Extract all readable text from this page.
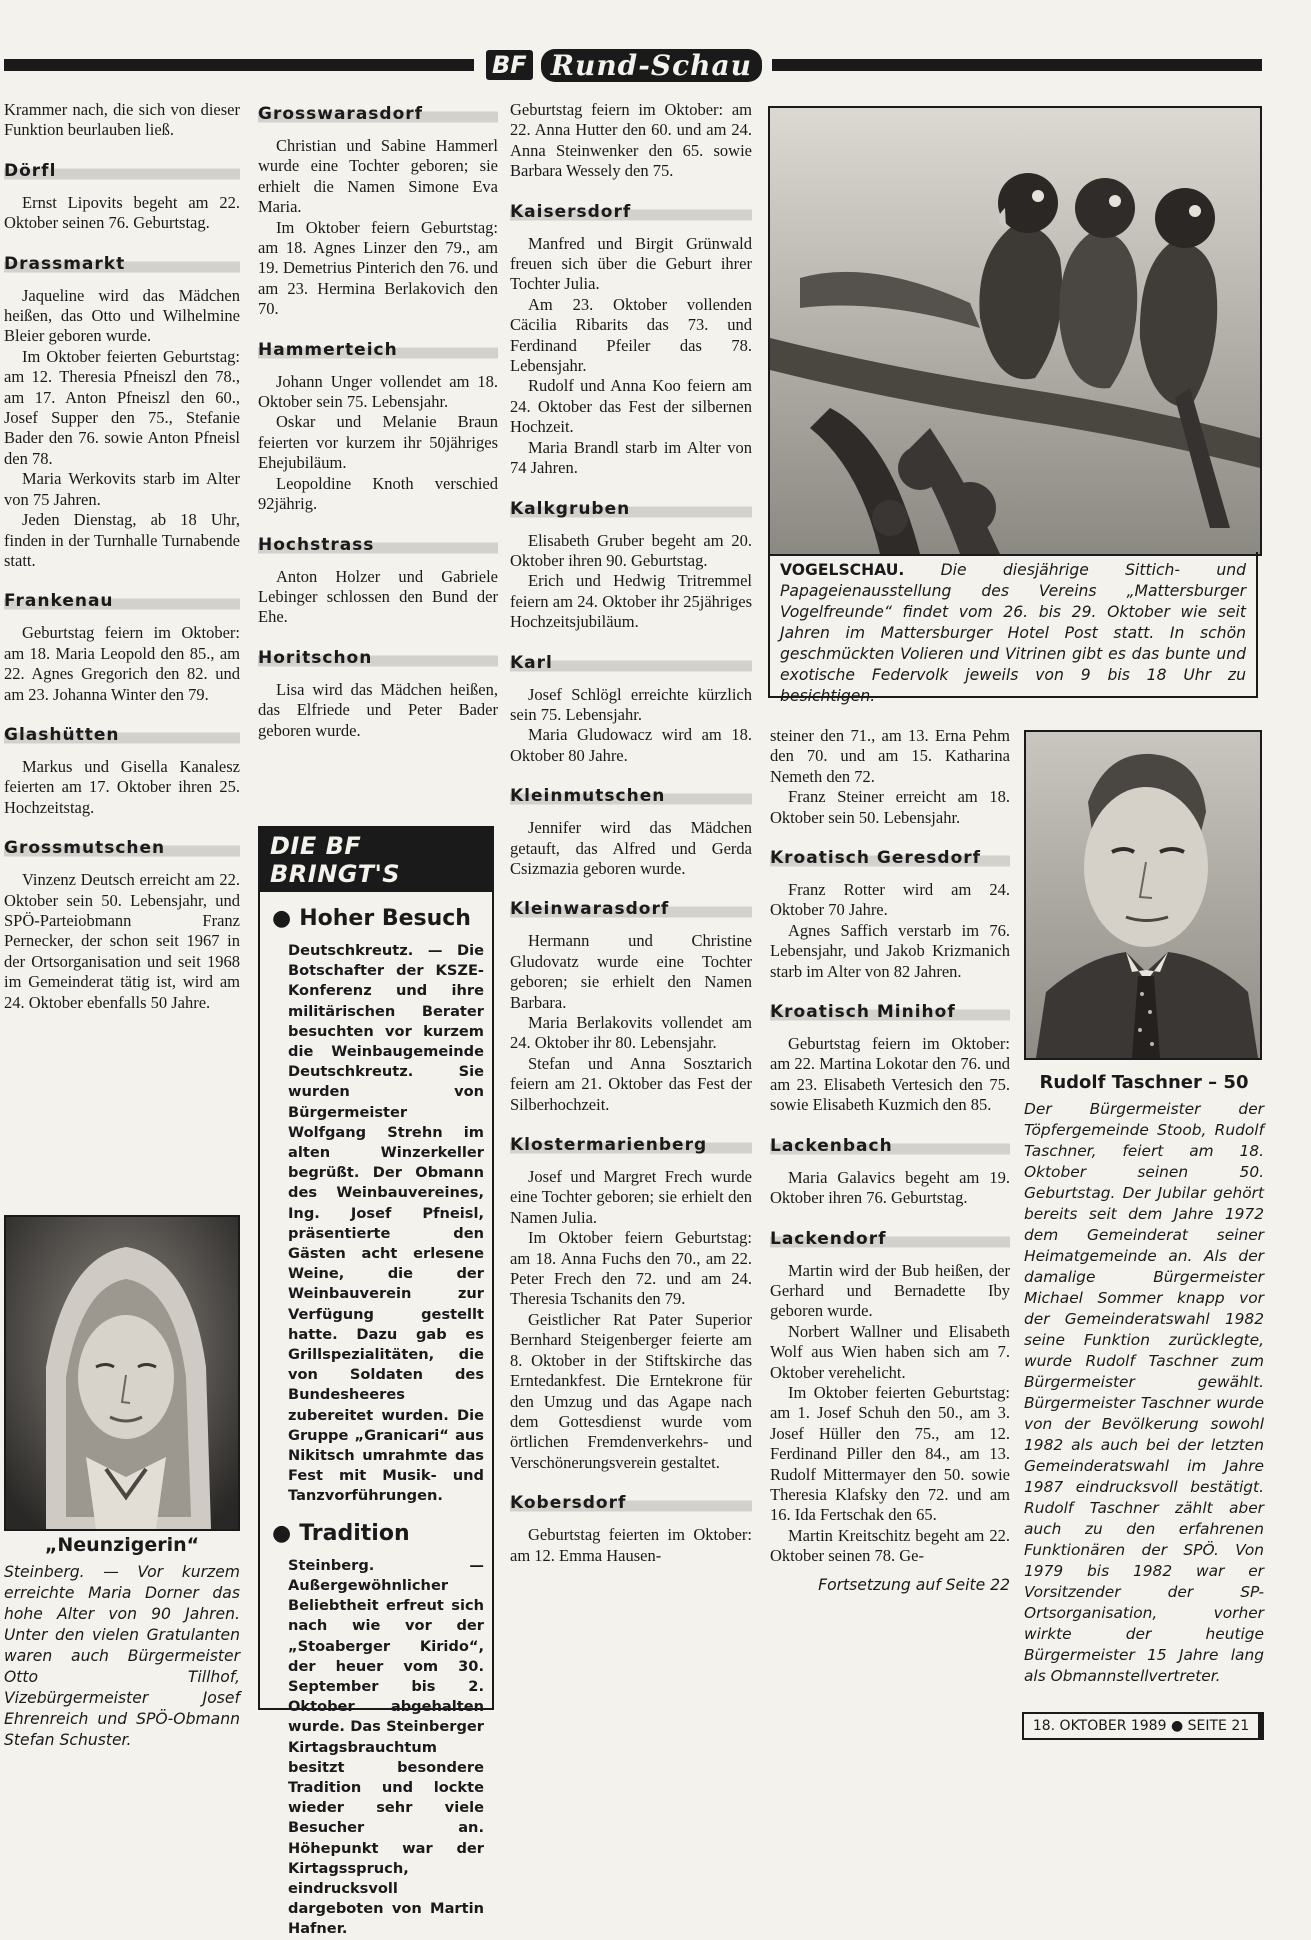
BF Rund-Schau

Krammer nach, die sich von dieser Funktion beurlauben ließ.

Dörfl

Ernst Lipovits begeht am 22. Oktober seinen 76. Geburtstag.

Drassmarkt

Jaqueline wird das Mädchen heißen, das Otto und Wilhelmine Bleier geboren wurde.

Im Oktober feierten Geburtstag: am 12. Theresia Pfneiszl den 78., am 17. Anton Pfneiszl den 60., Josef Supper den 75., Stefanie Bader den 76. sowie Anton Pfneisl den 78.

Maria Werkovits starb im Alter von 75 Jahren.

Jeden Dienstag, ab 18 Uhr, finden in der Turnhalle Turnabende statt.

Frankenau

Geburtstag feiern im Oktober: am 18. Maria Leopold den 85., am 22. Agnes Gregorich den 82. und am 23. Johanna Winter den 79.

Glashütten

Markus und Gisella Kanalesz feierten am 17. Oktober ihren 25. Hochzeitstag.

Grossmutschen

Vinzenz Deutsch erreicht am 22. Oktober sein 50. Lebensjahr, und SPÖ-Parteiobmann Franz Pernecker, der schon seit 1967 in der Ortsorganisation und seit 1968 im Gemeinderat tätig ist, wird am 24. Oktober ebenfalls 50 Jahre.

„Neunzigerin“
Steinberg. — Vor kurzem erreichte Maria Dorner das hohe Alter von 90 Jahren. Unter den vielen Gratulanten waren auch Bürgermeister Otto Tillhof, Vizebürgermeister Josef Ehrenreich und SPÖ-Obmann Stefan Schuster.
Grosswarasdorf

Christian und Sabine Hammerl wurde eine Tochter geboren; sie erhielt die Namen Simone Eva Maria.

Im Oktober feiern Geburtstag: am 18. Agnes Linzer den 79., am 19. Demetrius Pinterich den 76. und am 23. Hermina Berlakovich den 70.

Hammerteich

Johann Unger vollendet am 18. Oktober sein 75. Lebensjahr.

Oskar und Melanie Braun feierten vor kurzem ihr 50jähriges Ehejubiläum.

Leopoldine Knoth verschied 92jährig.

Hochstrass

Anton Holzer und Gabriele Lebinger schlossen den Bund der Ehe.

Horitschon

Lisa wird das Mädchen heißen, das Elfriede und Peter Bader geboren wurde.

DIE BF BRINGT'S
● Hoher Besuch

Deutschkreutz. — Die Botschafter der KSZE-Konferenz und ihre militärischen Berater besuchten vor kurzem die Weinbaugemeinde Deutschkreutz. Sie wurden von Bürgermeister Wolfgang Strehn im alten Winzerkeller begrüßt. Der Obmann des Weinbauvereines, Ing. Josef Pfneisl, präsentierte den Gästen acht erlesene Weine, die der Weinbauverein zur Verfügung gestellt hatte. Dazu gab es Grillspezialitäten, die von Soldaten des Bundesheeres zubereitet wurden. Die Gruppe „Granicari“ aus Nikitsch umrahmte das Fest mit Musik- und Tanzvorführungen.

● Tradition

Steinberg. — Außergewöhnlicher Beliebtheit erfreut sich nach wie vor der „Stoaberger Kirido“, der heuer vom 30. September bis 2. Oktober abgehalten wurde. Das Steinberger Kirtagsbrauchtum besitzt besondere Tradition und lockte wieder sehr viele Besucher an. Höhepunkt war der Kirtagsspruch, eindrucksvoll dargeboten von Martin Hafner.

Geburtstag feiern im Oktober: am 22. Anna Hutter den 60. und am 24. Anna Steinwenker den 65. sowie Barbara Wessely den 75.

Kaisersdorf

Manfred und Birgit Grünwald freuen sich über die Geburt ihrer Tochter Julia.

Am 23. Oktober vollenden Cäcilia Ribarits das 73. und Ferdinand Pfeiler das 78. Lebensjahr.

Rudolf und Anna Koo feiern am 24. Oktober das Fest der silbernen Hochzeit.

Maria Brandl starb im Alter von 74 Jahren.

Kalkgruben

Elisabeth Gruber begeht am 20. Oktober ihren 90. Geburtstag.

Erich und Hedwig Tritremmel feiern am 24. Oktober ihr 25jähriges Hochzeitsjubiläum.

Karl

Josef Schlögl erreichte kürzlich sein 75. Lebensjahr.

Maria Gludowacz wird am 18. Oktober 80 Jahre.

Kleinmutschen

Jennifer wird das Mädchen getauft, das Alfred und Gerda Csizmazia geboren wurde.

Kleinwarasdorf

Hermann und Christine Gludovatz wurde eine Tochter geboren; sie erhielt den Namen Barbara.

Maria Berlakovits vollendet am 24. Oktober ihr 80. Lebensjahr.

Stefan und Anna Sosztarich feiern am 21. Oktober das Fest der Silberhochzeit.

Klostermarienberg

Josef und Margret Frech wurde eine Tochter geboren; sie erhielt den Namen Julia.

Im Oktober feiern Geburtstag: am 18. Anna Fuchs den 70., am 22. Peter Frech den 72. und am 24. Theresia Tschanits den 79.

Geistlicher Rat Pater Superior Bernhard Steigenberger feierte am 8. Oktober in der Stiftskirche das Erntedankfest. Die Erntekrone für den Umzug und das Agape nach dem Gottesdienst wurde vom örtlichen Fremdenverkehrs- und Verschönerungsverein gestaltet.

Kobersdorf

Geburtstag feierten im Oktober: am 12. Emma Hausen-

VOGELSCHAU. Die diesjährige Sittich- und Papageienausstellung des Vereins „Mattersburger Vogelfreunde“ findet vom 26. bis 29. Oktober wie seit Jahren im Mattersburger Hotel Post statt. In schön geschmückten Volieren und Vitrinen gibt es das bunte und exotische Federvolk jeweils von 9 bis 18 Uhr zu besichtigen.

steiner den 71., am 13. Erna Pehm den 70. und am 15. Katharina Nemeth den 72.

Franz Steiner erreicht am 18. Oktober sein 50. Lebensjahr.

Kroatisch Geresdorf

Franz Rotter wird am 24. Oktober 70 Jahre.

Agnes Saffich verstarb im 76. Lebensjahr, und Jakob Krizmanich starb im Alter von 82 Jahren.

Kroatisch Minihof

Geburtstag feiern im Oktober: am 22. Martina Lokotar den 76. und am 23. Elisabeth Vertesich den 75. sowie Elisabeth Kuzmich den 85.

Lackenbach

Maria Galavics begeht am 19. Oktober ihren 76. Geburtstag.

Lackendorf

Martin wird der Bub heißen, der Gerhard und Bernadette Iby geboren wurde.

Norbert Wallner und Elisabeth Wolf aus Wien haben sich am 7. Oktober verehelicht.

Im Oktober feierten Geburtstag: am 1. Josef Schuh den 50., am 3. Josef Hüller den 75., am 12. Ferdinand Piller den 84., am 13. Rudolf Mittermayer den 50. sowie Theresia Klafsky den 72. und am 16. Ida Fertschak den 65.

Martin Kreitschitz begeht am 22. Oktober seinen 78. Ge-

Fortsetzung auf Seite 22
Rudolf Taschner – 50
Der Bürgermeister der Töpfergemeinde Stoob, Rudolf Taschner, feiert am 18. Oktober seinen 50. Geburtstag. Der Jubilar gehört bereits seit dem Jahre 1972 dem Gemeinderat seiner Heimatgemeinde an. Als der damalige Bürgermeister Michael Sommer knapp vor der Gemeinderatswahl 1982 seine Funktion zurücklegte, wurde Rudolf Taschner zum Bürgermeister gewählt. Bürgermeister Taschner wurde von der Bevölkerung sowohl 1982 als auch bei der letzten Gemeinderatswahl im Jahre 1987 eindrucksvoll bestätigt. Rudolf Taschner zählt aber auch zu den erfahrenen Funktionären der SPÖ. Von 1979 bis 1982 war er Vorsitzender der SP-Ortsorganisation, vorher wirkte der heutige Bürgermeister 15 Jahre lang als Obmannstellvertreter.
18. OKTOBER 1989 ● SEITE 21
